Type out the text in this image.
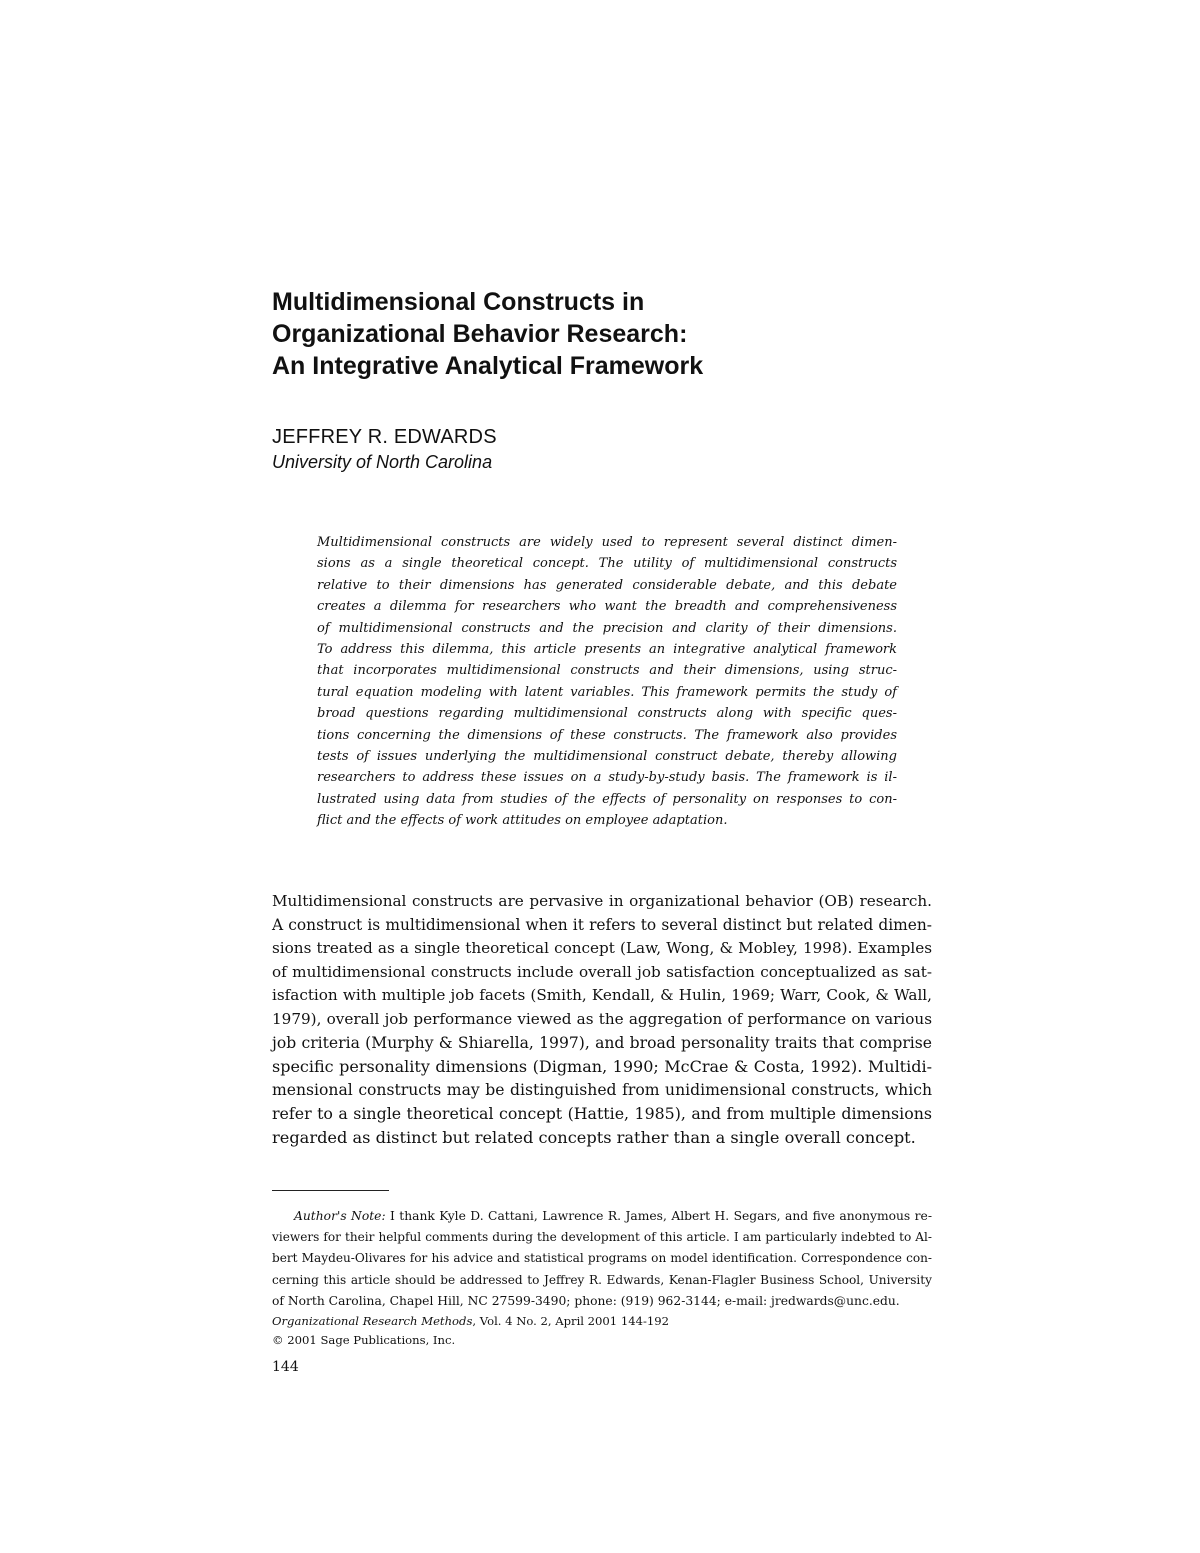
Multidimensional Constructs in
Organizational Behavior Research:
An Integrative Analytical Framework
JEFFREY R. EDWARDS
University of North Carolina
Multidimensional constructs are widely used to represent several distinct dimen-
sions as a single theoretical concept. The utility of multidimensional constructs
relative to their dimensions has generated considerable debate, and this debate
creates a dilemma for researchers who want the breadth and comprehensiveness
of multidimensional constructs and the precision and clarity of their dimensions.
To address this dilemma, this article presents an integrative analytical framework
that incorporates multidimensional constructs and their dimensions, using struc-
tural equation modeling with latent variables. This framework permits the study of
broad questions regarding multidimensional constructs along with specific ques-
tions concerning the dimensions of these constructs. The framework also provides
tests of issues underlying the multidimensional construct debate, thereby allowing
researchers to address these issues on a study-by-study basis. The framework is il-
lustrated using data from studies of the effects of personality on responses to con-
flict and the effects of work attitudes on employee adaptation.
Multidimensional constructs are pervasive in organizational behavior (OB) research.
A construct is multidimensional when it refers to several distinct but related dimen-
sions treated as a single theoretical concept (Law, Wong, & Mobley, 1998). Examples
of multidimensional constructs include overall job satisfaction conceptualized as sat-
isfaction with multiple job facets (Smith, Kendall, & Hulin, 1969; Warr, Cook, & Wall,
1979), overall job performance viewed as the aggregation of performance on various
job criteria (Murphy & Shiarella, 1997), and broad personality traits that comprise
specific personality dimensions (Digman, 1990; McCrae & Costa, 1992). Multidi-
mensional constructs may be distinguished from unidimensional constructs, which
refer to a single theoretical concept (Hattie, 1985), and from multiple dimensions
regarded as distinct but related concepts rather than a single overall concept.
Author's Note: I thank Kyle D. Cattani, Lawrence R. James, Albert H. Segars, and five anonymous re-
viewers for their helpful comments during the development of this article. I am particularly indebted to Al-
bert Maydeu-Olivares for his advice and statistical programs on model identification. Correspondence con-
cerning this article should be addressed to Jeffrey R. Edwards, Kenan-Flagler Business School, University
of North Carolina, Chapel Hill, NC 27599-3490; phone: (919) 962-3144; e-mail: jredwards@unc.edu.
Organizational Research Methods, Vol. 4 No. 2, April 2001 144-192
© 2001 Sage Publications, Inc.
144
